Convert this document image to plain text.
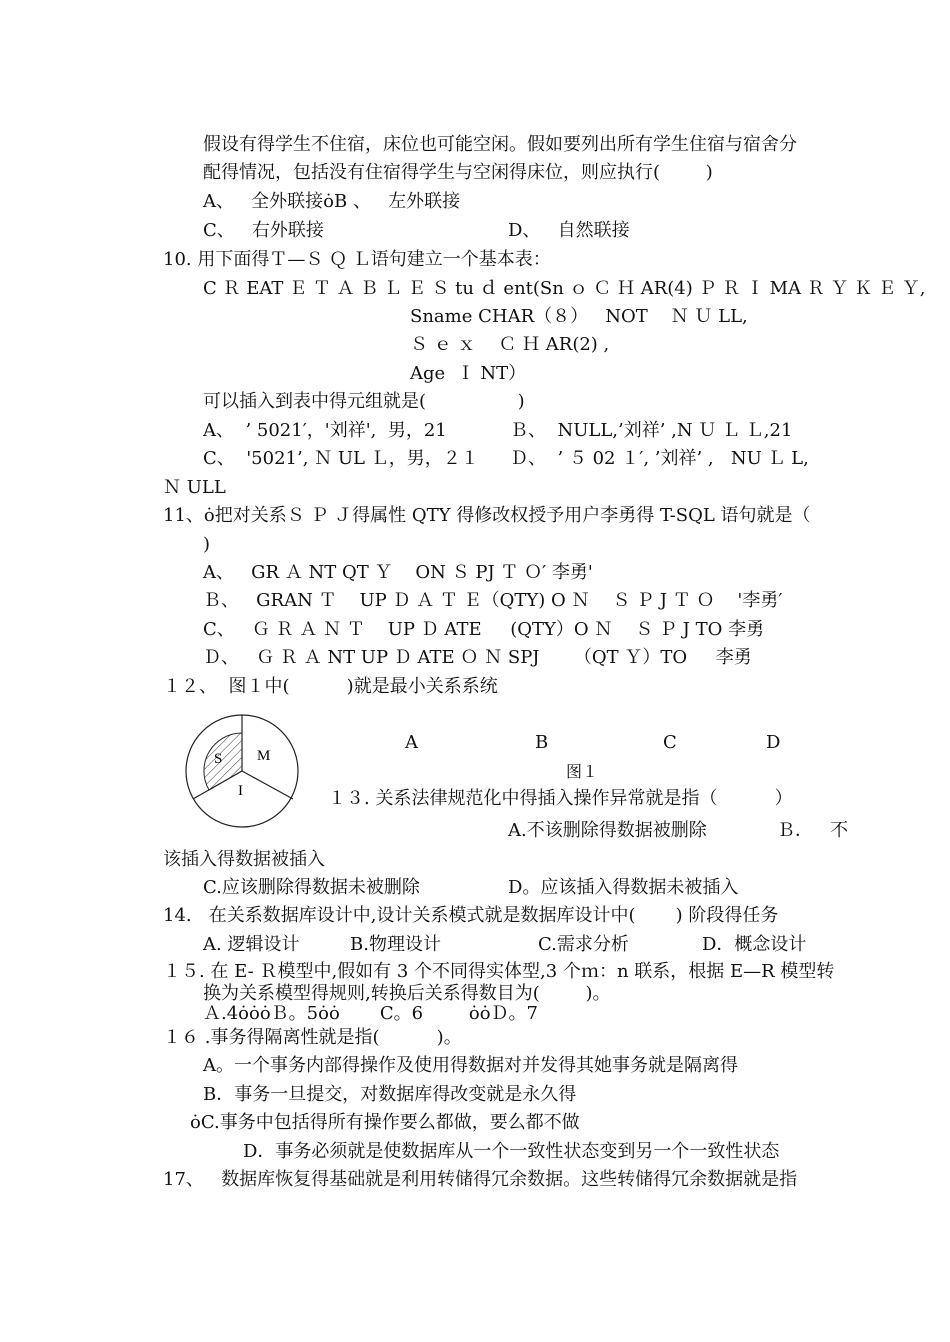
假设有得学生不住宿，床位也可能空闲。假如要列出所有学生住宿与宿舍分
配得情况，包括没有住宿得学生与空闲得床位，则应执行(        )
A、   全外联接ȯB 、   左外联接
C、   右外联接	D、   自然联接
10. 用下面得Ｔ—Ｓ Ｑ Ｌ语句建立一个基本表：
C Ｒ EAT Ｅ Ｔ Ａ Ｂ Ｌ Ｅ Ｓ tu ｄ ent(Sn ｏ Ｃ Ｈ AR(4) Ｐ Ｒ Ｉ MA Ｒ Ｙ Ｋ Ｅ Ｙ,
Sname CHAR（８）   NOT    Ｎ Ｕ LL,
Ｓ ｅ ｘ    Ｃ Ｈ AR(2) ,
Age  Ｉ NT）
可以插入到表中得元组就是(                )
A、  ’ 5021′，'刘祥',  男，21	Ｂ、  NULL,’刘祥’ ,N Ｕ Ｌ Ｌ,21
C、  '5021’, Ｎ UL Ｌ，男，２１ Ｄ、  ’ ５ 02 １′, ’刘祥’ ,   NU Ｌ L,
Ｎ ULL
11、ȯ把对关系Ｓ Ｐ Ｊ得属性 QTY 得修改权授予用户李勇得 T-SQL 语句就是（
)
A、   GR Ａ NT QT Ｙ    ON Ｓ PJ Ｔ Ｏ′ 李勇'
Ｂ、   GRAN Ｔ    UP Ｄ Ａ Ｔ Ｅ（QTY) O Ｎ    Ｓ Ｐ J Ｔ Ｏ    '李勇′
C、   Ｇ Ｒ Ａ Ｎ Ｔ    UP Ｄ ATE     (QTY）O Ｎ    Ｓ Ｐ J TO 李勇
Ｄ、   Ｇ Ｒ Ａ NT UP Ｄ ATE Ｏ Ｎ SPJ      （QT Ｙ）TO     李勇
１２、  图１中(          )就是最小关系系统
S M
I
A	B	C	D
图１
１３. 关系法律规范化中得插入操作异常就是指（          ）
A.不该删除得数据被删除	Ｂ．   不
该插入得数据被插入
C.应该删除得数据未被删除	D。应该插入得数据未被插入
14.   在关系数据库设计中,设计关系模式就是数据库设计中(       ) 阶段得任务
A. 逻辑设计	B.物理设计	C.需求分析	D．概念设计
１５. 在 E- Ｒ模型中,假如有 3 个不同得实体型,3 个ｍ：n 联系，根据 E—R 模型转
换为关系模型得规则,转换后关系得数目为(        )。
Ａ.4ȯȯȯＢ。5ȯȯ       C。6        ȯȯＤ。7
１６ .事务得隔离性就是指(          )。
A。一个事务内部得操作及使用得数据对并发得其她事务就是隔离得
B．事务一旦提交，对数据库得改变就是永久得
ȯC.事务中包括得所有操作要么都做，要么都不做
D．事务必须就是使数据库从一个一致性状态变到另一个一致性状态
17、   数据库恢复得基础就是利用转储得冗余数据。这些转储得冗余数据就是指
